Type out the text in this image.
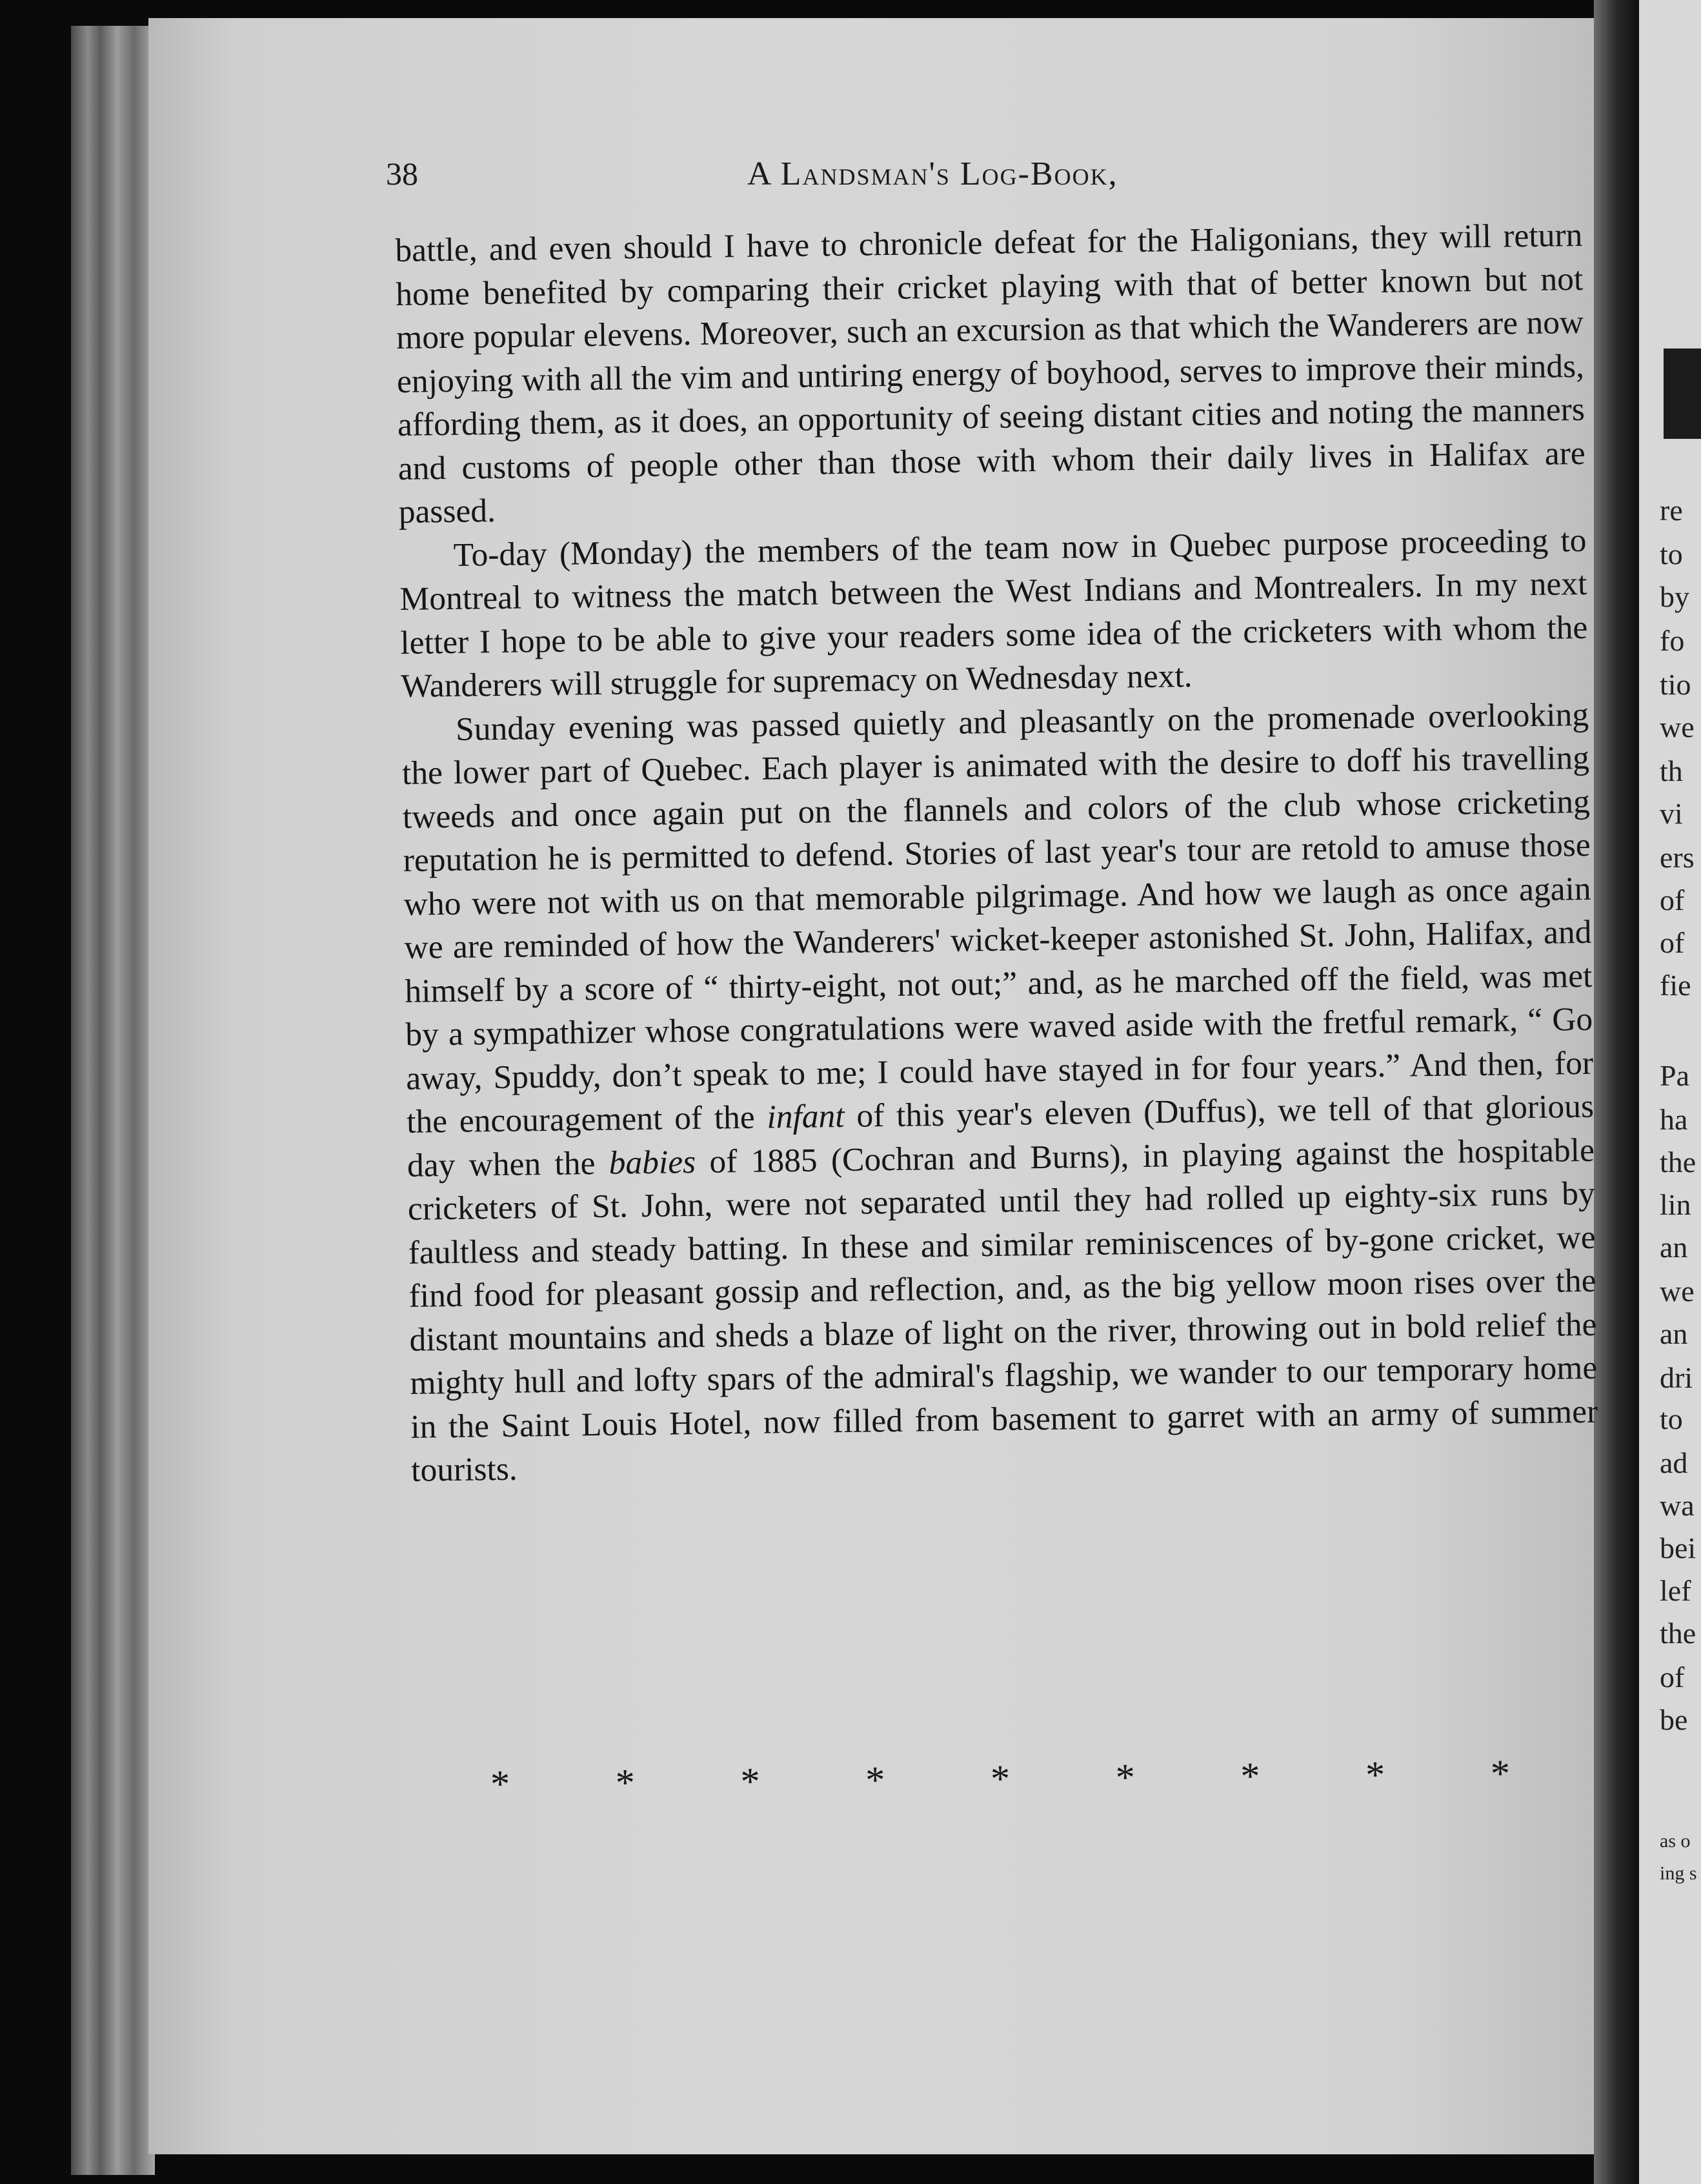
38	A Landsman's Log-Book,

battle, and even should I have to chronicle defeat for the Haligonians, they will return home benefited by comparing their cricket playing with that of better known but not more popular elevens. Moreover, such an excursion as that which the Wanderers are now enjoying with all the vim and untiring energy of boyhood, serves to improve their minds, affording them, as it does, an opportunity of seeing distant cities and noting the manners and customs of people other than those with whom their daily lives in Halifax are passed.

To-day (Monday) the members of the team now in Quebec purpose proceeding to Montreal to witness the match between the West Indians and Montrealers. In my next letter I hope to be able to give your readers some idea of the cricketers with whom the Wanderers will struggle for supremacy on Wednesday next.

Sunday evening was passed quietly and pleasantly on the promenade overlooking the lower part of Quebec. Each player is animated with the desire to doff his travelling tweeds and once again put on the flannels and colors of the club whose cricketing reputation he is permitted to defend. Stories of last year's tour are retold to amuse those who were not with us on that memorable pilgrimage. And how we laugh as once again we are reminded of how the Wanderers' wicket-keeper astonished St. John, Halifax, and himself by a score of “ thirty-eight, not out;” and, as he marched off the field, was met by a sympathizer whose congratulations were waved aside with the fretful remark, “ Go away, Spuddy, don’t speak to me; I could have stayed in for four years.” And then, for the encouragement of the infant of this year's eleven (Duffus), we tell of that glorious day when the babies of 1885 (Cochran and Burns), in playing against the hospitable cricketers of St. John, were not separated until they had rolled up eighty-six runs by faultless and steady batting. In these and similar reminiscences of by-gone cricket, we find food for pleasant gossip and reflection, and, as the big yellow moon rises over the distant mountains and sheds a blaze of light on the river, throwing out in bold relief the mighty hull and lofty spars of the admiral's flagship, we wander to our temporary home in the Saint Louis Hotel, now filled from basement to garret with an army of summer tourists.

*	*	*	*	*	*	*	*	*
re
to
by
fo
tio
we
th
vi
ers
of
of
fie
Pa
ha
the
lin
an
we
an
dri
to
ad
wa
bei
lef
the
of
be
as o
ing s
